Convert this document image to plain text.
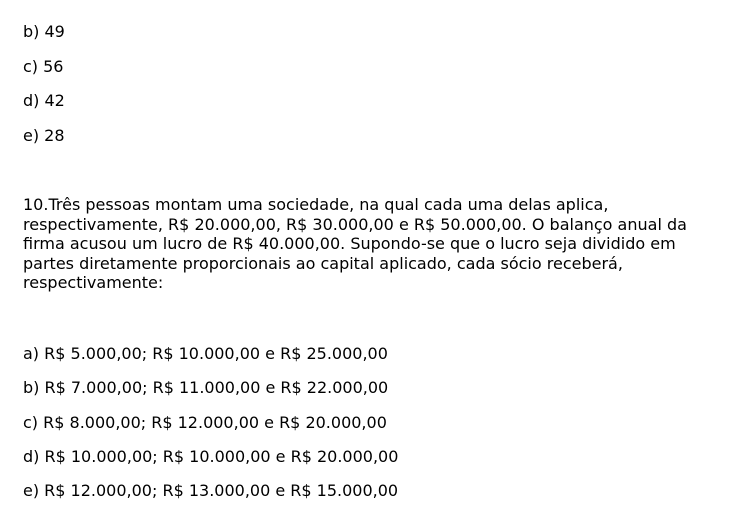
b) 49
c) 56
d) 42
e) 28
10.Três pessoas montam uma sociedade, na qual cada uma delas aplica, respectivamente, R$ 20.000,00, R$ 30.000,00 e R$ 50.000,00. O balanço anual da firma acusou um lucro de R$ 40.000,00. Supondo-se que o lucro seja dividido em partes diretamente proporcionais ao capital aplicado, cada sócio receberá, respectivamente:
a) R$ 5.000,00; R$ 10.000,00 e R$ 25.000,00
b) R$ 7.000,00; R$ 11.000,00 e R$ 22.000,00
c) R$ 8.000,00; R$ 12.000,00 e R$ 20.000,00
d) R$ 10.000,00; R$ 10.000,00 e R$ 20.000,00
e) R$ 12.000,00; R$ 13.000,00 e R$ 15.000,00
